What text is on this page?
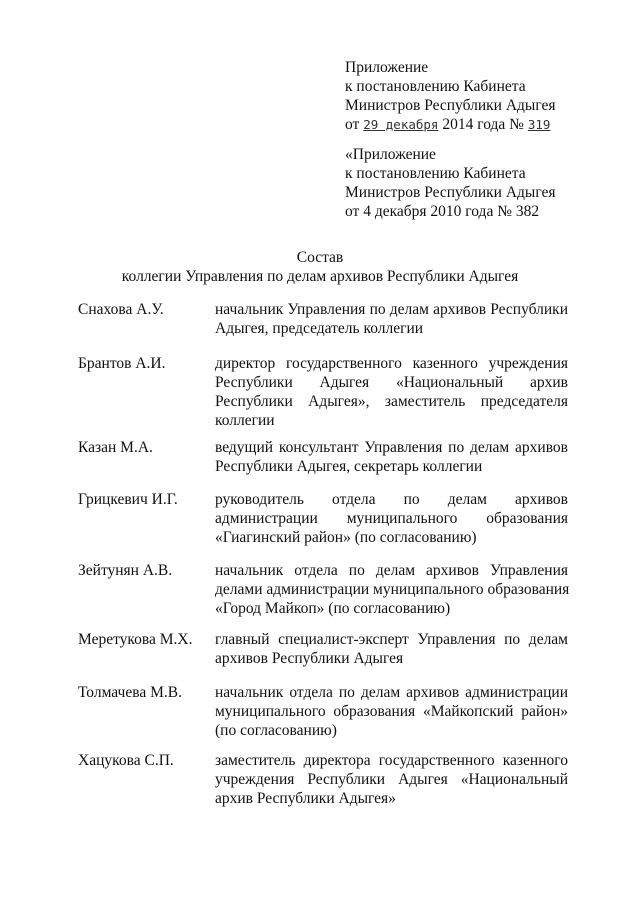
Приложение
к постановлению Кабинета
Министров Республики Адыгея
от 29 декабря 2014 года № 319
«Приложение
к постановлению Кабинета
Министров Республики Адыгея
от 4 декабря 2010 года № 382
Состав
коллегии Управления по делам архивов Республики Адыгея
Снахова А.У.	начальник Управления по делам архивов Республики
Адыгея, председатель коллегии
Брантов А.И.	директор государственного казенного учреждения
Республики Адыгея «Национальный архив
Республики Адыгея», заместитель председателя
коллегии
Казан М.А.	ведущий консультант Управления по делам архивов
Республики Адыгея, секретарь коллегии
Грицкевич И.Г.	руководитель отдела по делам архивов
администрации муниципального образования
«Гиагинский район» (по согласованию)
Зейтунян А.В.	начальник отдела по делам архивов Управления
делами администрации муниципального образования
«Город Майкоп» (по согласованию)
Меретукова М.Х.	главный специалист-эксперт Управления по делам
архивов Республики Адыгея
Толмачева М.В.	начальник отдела по делам архивов администрации
муниципального образования «Майкопский район»
(по согласованию)
Хацукова С.П.	заместитель директора государственного казенного
учреждения Республики Адыгея «Национальный
архив Республики Адыгея»
